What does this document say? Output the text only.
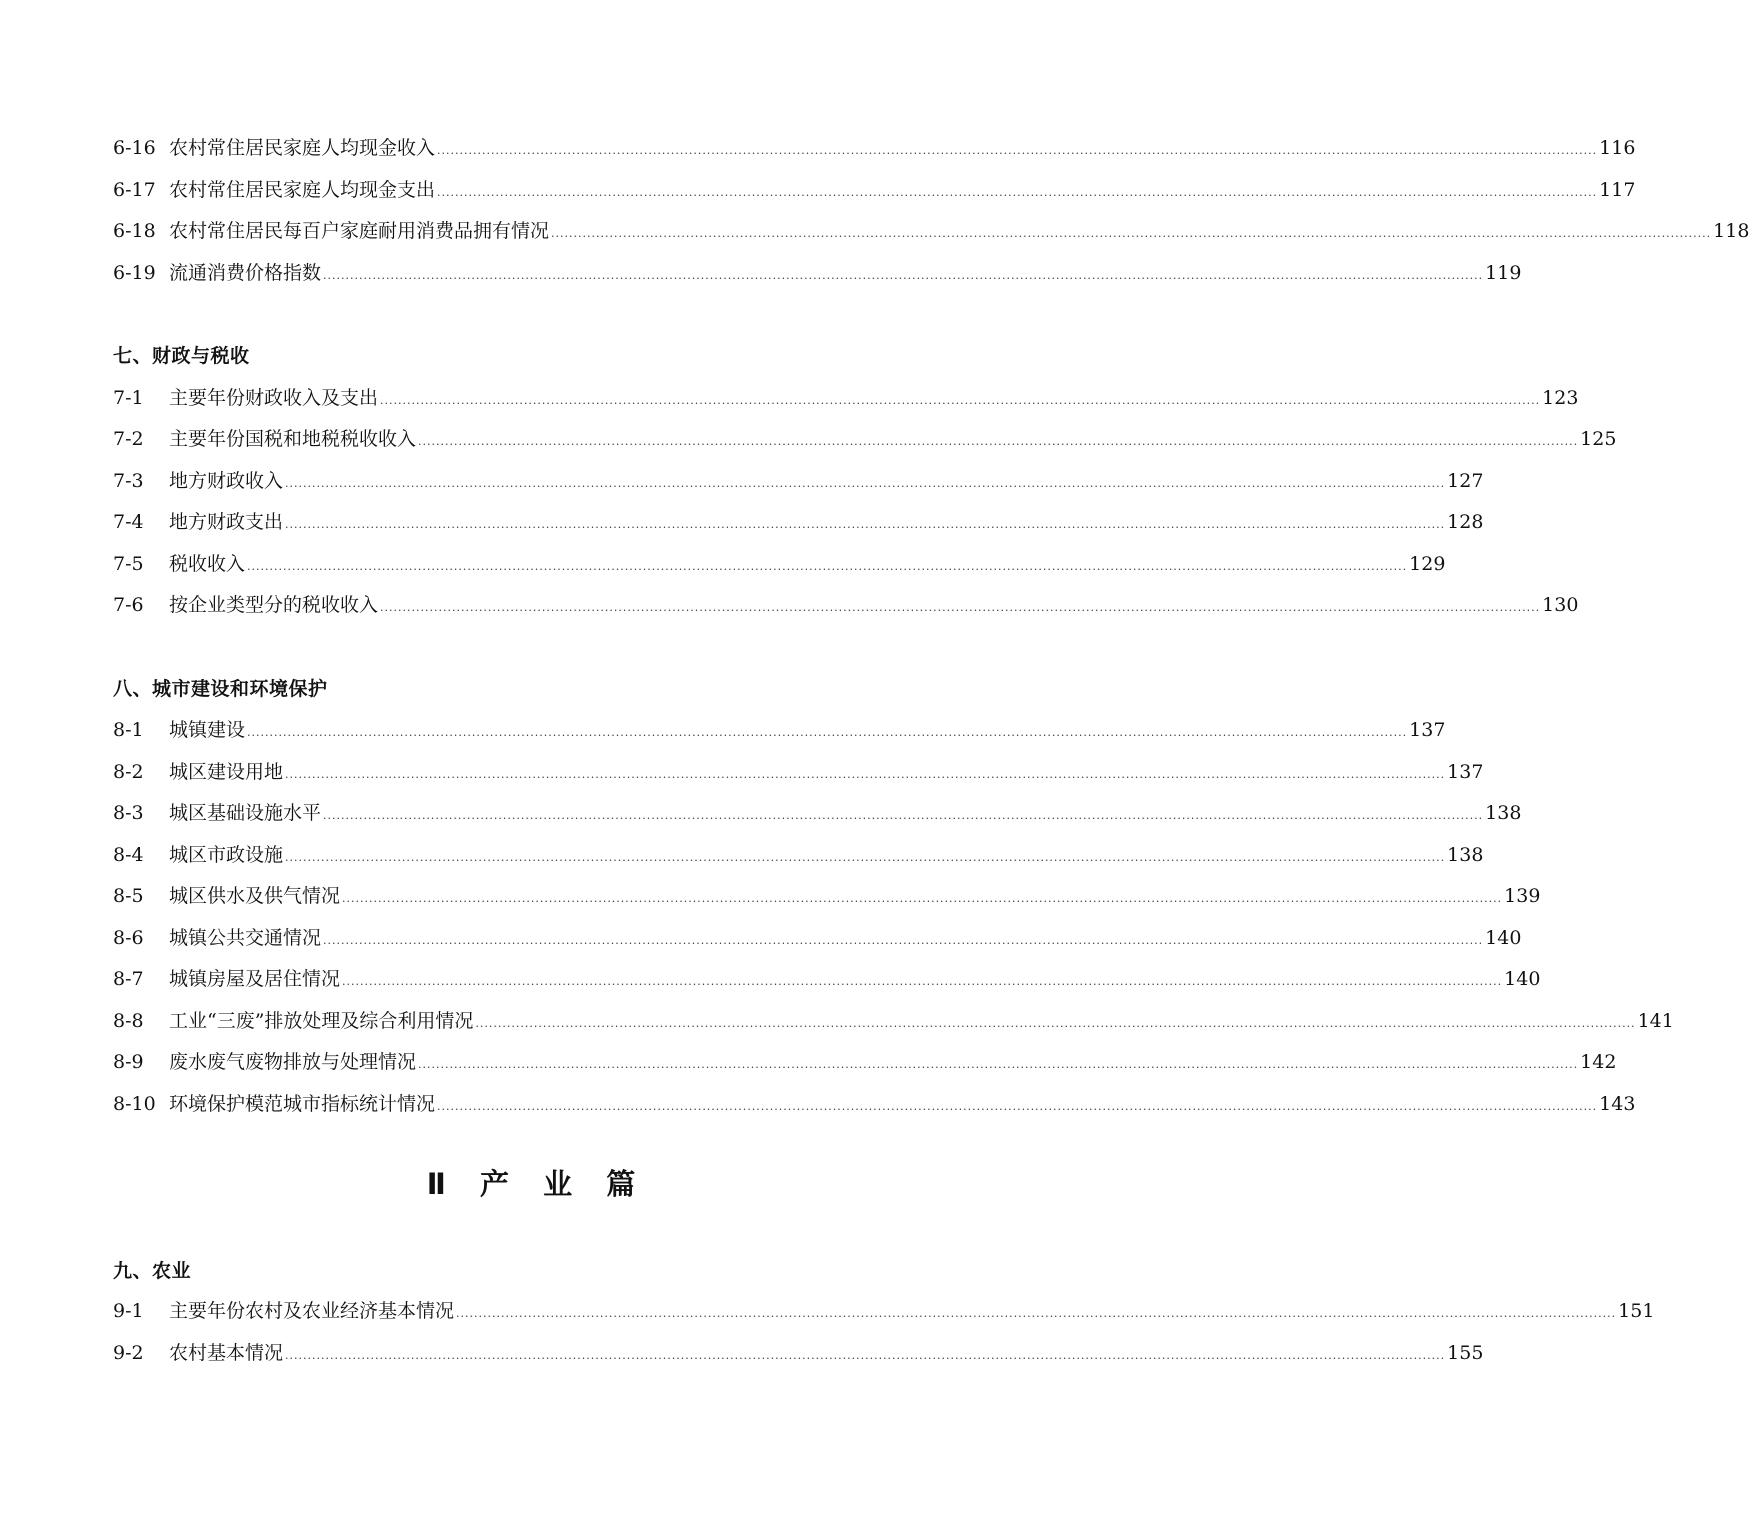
6-16 农村常住居民家庭人均现金收入 .................................................................................................................................................................................................................................................................. 116
6-17 农村常住居民家庭人均现金支出 .................................................................................................................................................................................................................................................................. 117
6-18 农村常住居民每百户家庭耐用消费品拥有情况 .................................................................................................................................................................................................................................................................. 118
6-19 流通消费价格指数 .................................................................................................................................................................................................................................................................. 119
七、财政与税收
7-1	主要年份财政收入及支出 .................................................................................................................................................................................................................................................................. 123
7-2	主要年份国税和地税税收收入 .................................................................................................................................................................................................................................................................. 125
7-3	地方财政收入 .................................................................................................................................................................................................................................................................. 127
7-4	地方财政支出 .................................................................................................................................................................................................................................................................. 128
7-5	税收收入 .................................................................................................................................................................................................................................................................. 129
7-6	按企业类型分的税收收入 .................................................................................................................................................................................................................................................................. 130
八、城市建设和环境保护
8-1	城镇建设 .................................................................................................................................................................................................................................................................. 137
8-2	城区建设用地 .................................................................................................................................................................................................................................................................. 137
8-3	城区基础设施水平 .................................................................................................................................................................................................................................................................. 138
8-4	城区市政设施 .................................................................................................................................................................................................................................................................. 138
8-5	城区供水及供气情况 .................................................................................................................................................................................................................................................................. 139
8-6	城镇公共交通情况 .................................................................................................................................................................................................................................................................. 140
8-7	城镇房屋及居住情况 .................................................................................................................................................................................................................................................................. 140
8-8	工业“三废”排放处理及综合利用情况 .................................................................................................................................................................................................................................................................. 141
8-9	废水废气废物排放与处理情况 .................................................................................................................................................................................................................................................................. 142
8-10 环境保护模范城市指标统计情况 .................................................................................................................................................................................................................................................................. 143
Ⅱ 产 业 篇
九、农业
9-1	主要年份农村及农业经济基本情况 .................................................................................................................................................................................................................................................................. 151
9-2	农村基本情况 .................................................................................................................................................................................................................................................................. 155
